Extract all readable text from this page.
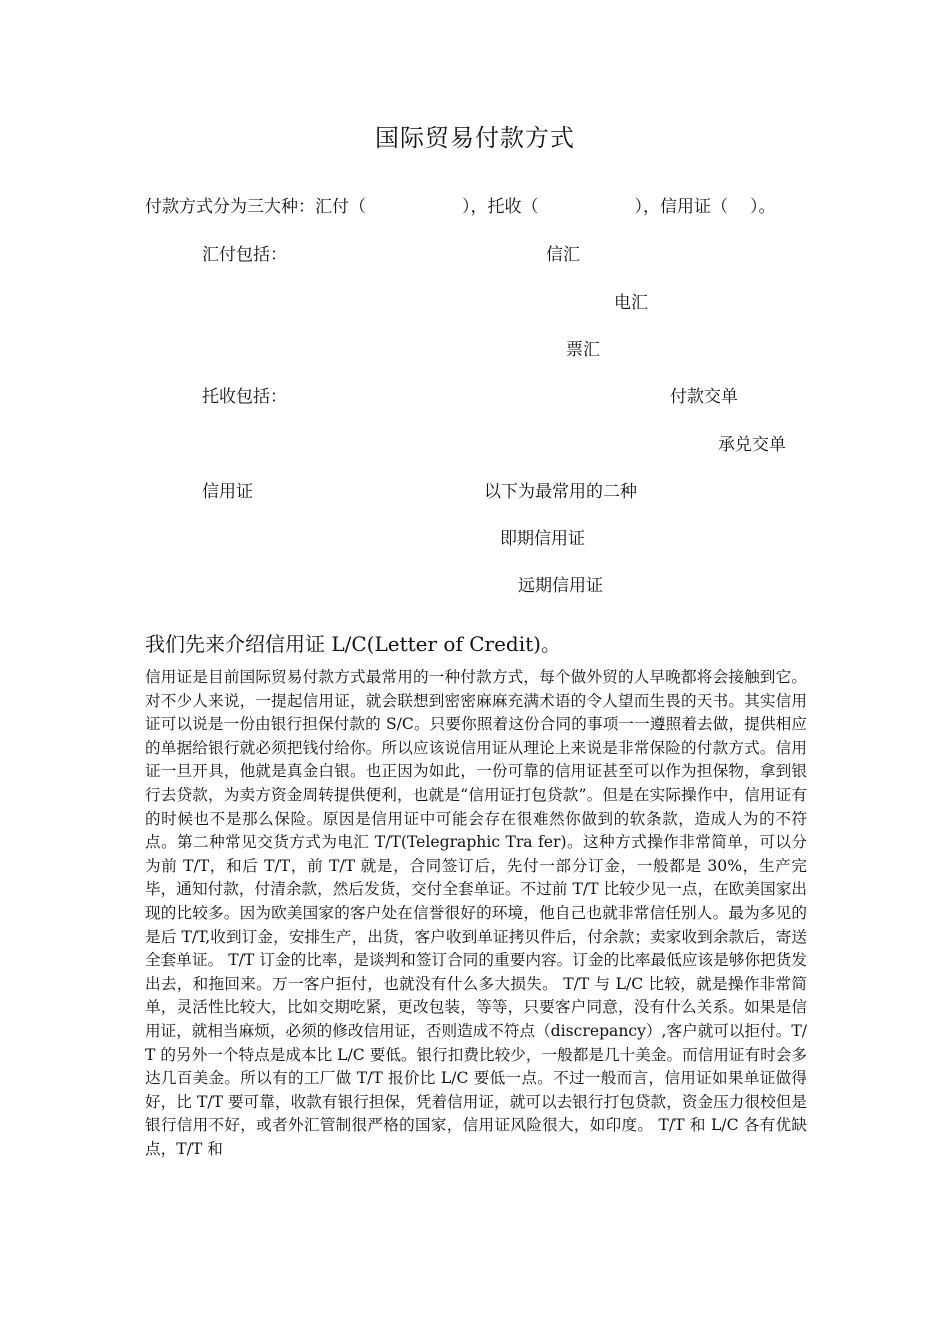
国际贸易付款方式
付款方式分为三大种：汇付（	），托收（	），信用证（ ）。
汇付包括：	信汇
电汇
票汇
托收包括：	付款交单
承兑交单
信用证	以下为最常用的二种
即期信用证
远期信用证
我们先来介绍信用证 L/C(Letter of Credit)。
信用证是目前国际贸易付款方式最常用的一种付款方式，每个做外贸的人早晚都将会接触到它。对不少人来说，一提起信用证，就会联想到密密麻麻充满术语的令人望而生畏的天书。其实信用证可以说是一份由银行担保付款的 S/C。只要你照着这份合同的事项一一遵照着去做，提供相应的单据给银行就必须把钱付给你。所以应该说信用证从理论上来说是非常保险的付款方式。信用证一旦开具，他就是真金白银。也正因为如此，一份可靠的信用证甚至可以作为担保物，拿到银行去贷款，为卖方资金周转提供便利，也就是“信用证打包贷款”。但是在实际操作中，信用证有的时候也不是那么保险。原因是信用证中可能会存在很难然你做到的软条款，造成人为的不符点。第二种常见交货方式为电汇 T/T(Telegraphic Tra fer)。这种方式操作非常简单，可以分为前 T/T，和后 T/T，前 T/T 就是，合同签订后，先付一部分订金，一般都是 30%，生产完毕，通知付款，付清余款，然后发货，交付全套单证。不过前 T/T 比较少见一点，在欧美国家出现的比较多。因为欧美国家的客户处在信誉很好的环境，他自己也就非常信任别人。最为多见的是后 T/T,收到订金，安排生产，出货，客户收到单证拷贝件后，付余款；卖家收到余款后，寄送全套单证。 T/T 订金的比率，是谈判和签订合同的重要内容。订金的比率最低应该是够你把货发出去，和拖回来。万一客户拒付，也就没有什么多大损失。 T/T 与 L/C 比较，就是操作非常简单，灵活性比较大，比如交期吃紧，更改包装，等等，只要客户同意，没有什么关系。如果是信用证，就相当麻烦，必须的修改信用证，否则造成不符点（discrepancy）,客户就可以拒付。T/T 的另外一个特点是成本比 L/C 要低。银行扣费比较少，一般都是几十美金。而信用证有时会多达几百美金。所以有的工厂做 T/T 报价比 L/C 要低一点。不过一般而言，信用证如果单证做得好，比 T/T 要可靠，收款有银行担保，凭着信用证，就可以去银行打包贷款，资金压力很校但是银行信用不好，或者外汇管制很严格的国家，信用证风险很大，如印度。 T/T 和 L/C 各有优缺点，T/T 和
